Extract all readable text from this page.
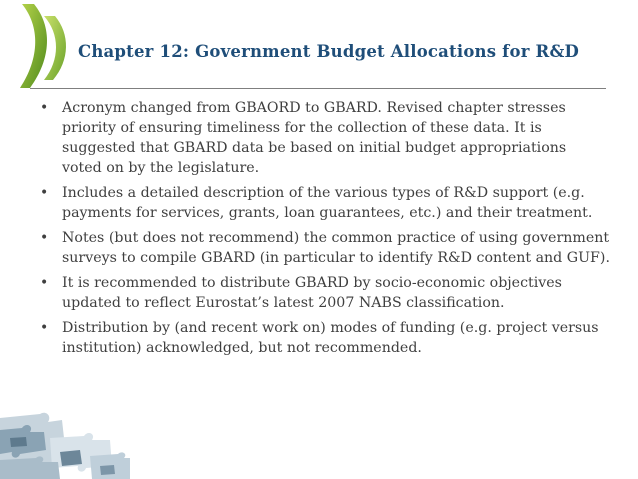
Chapter 12: Government Budget Allocations for R&D
• Acronym changed from GBAORD to GBARD. Revised chapter stresses priority of ensuring timeliness for the collection of these data. It is suggested that GBARD data be based on initial budget appropriations voted on by the legislature.
• Includes a detailed description of the various types of R&D support (e.g. payments for services, grants, loan guarantees, etc.) and their treatment.
• Notes (but does not recommend) the common practice of using government surveys to compile GBARD (in particular to identify R&D content and GUF).
• It is recommended to distribute GBARD by socio-economic objectives updated to reflect Eurostat’s latest 2007 NABS classification.
• Distribution by (and recent work on) modes of funding (e.g. project versus institution) acknowledged, but not recommended.
